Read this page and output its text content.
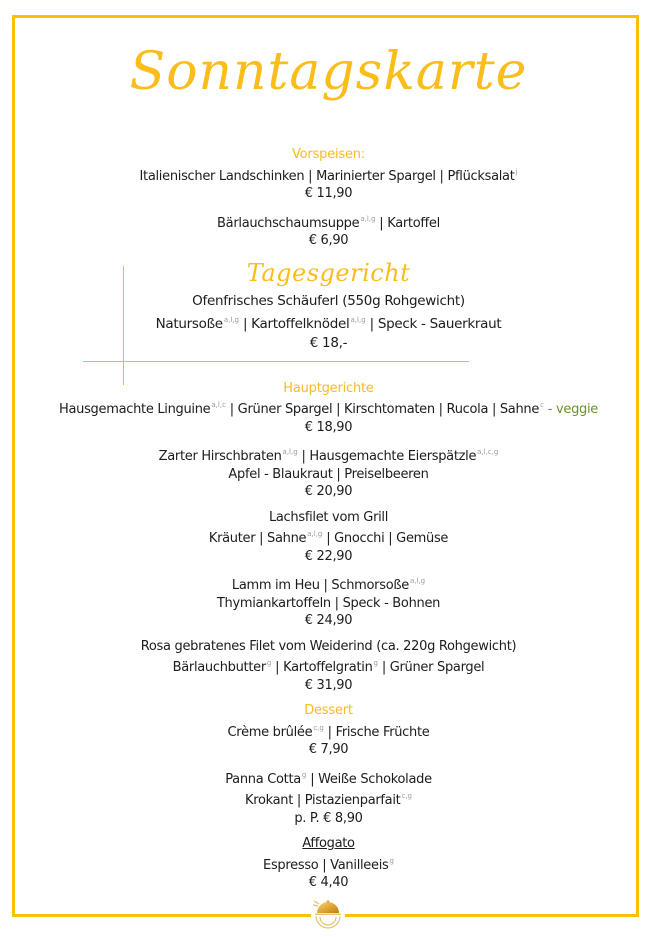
Sonntagskarte
Vorspeisen:
Italienischer Landschinken | Marinierter Spargel | Pflücksalat$^j$
€ 11,90
Bärlauchschaumsuppe$^{a,l,g}$ | Kartoffel
€ 6,90
Tagesgericht
Ofenfrisches Schäuferl (550g Rohgewicht)
Natursoße$^{a,l,g}$ | Kartoffelknödel$^{a,l,g}$ | Speck - Sauerkraut
€ 18,-
Hauptgerichte
Hausgemachte Linguine$^{a,l,c}$ | Grüner Spargel | Kirschtomaten | Rucola | Sahne$^c$ - veggie
€ 18,90
Zarter Hirschbraten$^{a,l,g}$ | Hausgemachte Eierspätzle$^{a,l,c,g}$
Apfel - Blaukraut | Preiselbeeren
€ 20,90
Lachsfilet vom Grill
Kräuter | Sahne$^{a,l,g}$ | Gnocchi | Gemüse
€ 22,90
Lamm im Heu | Schmorsoße$^{a,l,g}$
Thymiankartoffeln | Speck - Bohnen
€ 24,90
Rosa gebratenes Filet vom Weiderind (ca. 220g Rohgewicht)
Bärlauchbutter$^g$ | Kartoffelgratin$^g$ | Grüner Spargel
€ 31,90
Dessert
Crème brûlée$^{c,g}$ | Frische Früchte
€ 7,90
Panna Cotta$^g$ | Weiße Schokolade
Krokant | Pistazienparfait$^{c,g}$
p. P. € 8,90
Affogato
Espresso | Vanilleeis$^g$
€ 4,40
